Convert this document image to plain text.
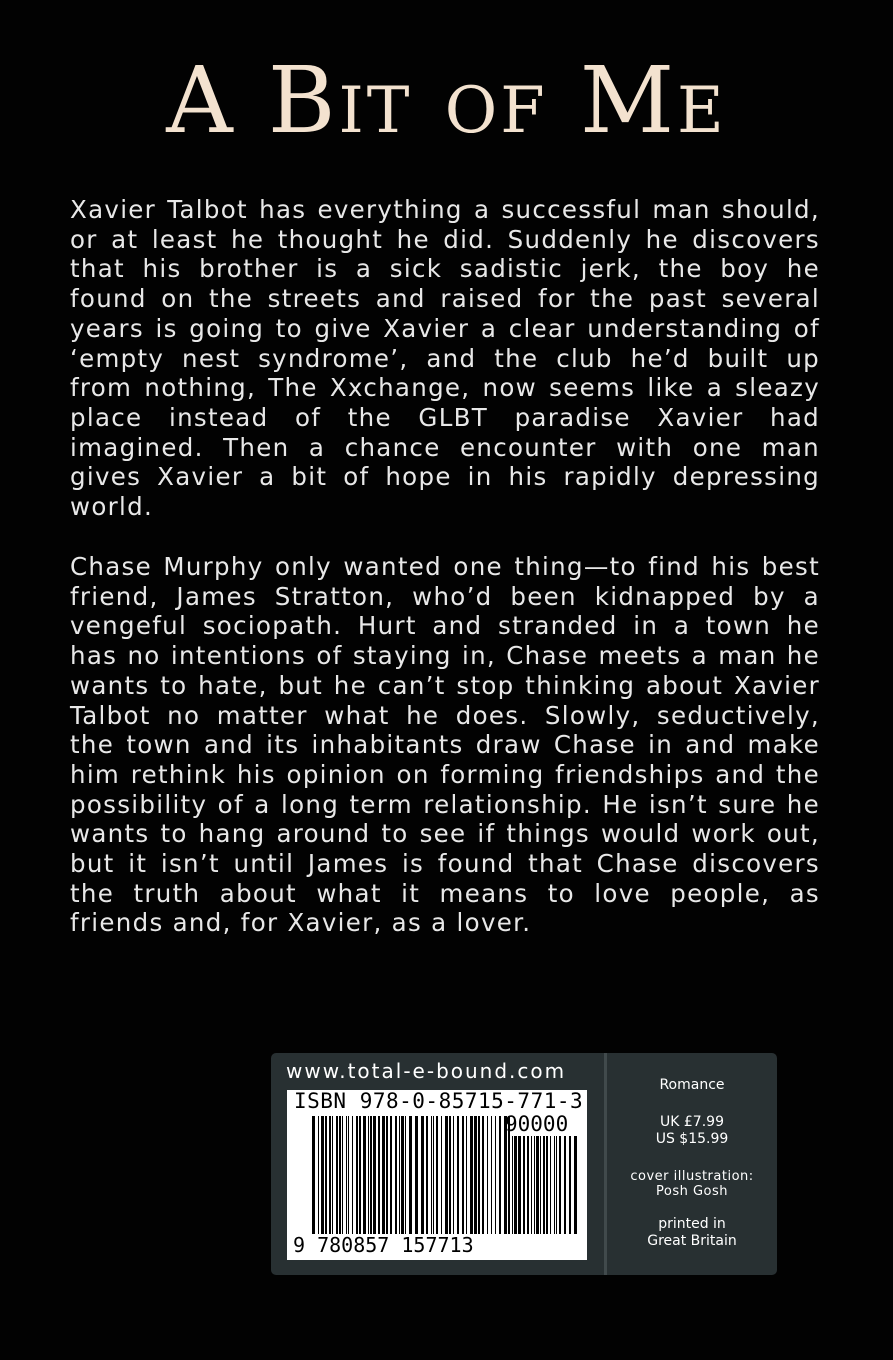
A Bit of Me

Xavier Talbot has everything a successful man should, or at least he thought he did. Suddenly he discovers that his brother is a sick sadistic jerk, the boy he found on the streets and raised for the past several years is going to give Xavier a clear understanding of ‘empty nest syndrome’, and the club he’d built up from nothing, The Xxchange, now seems like a sleazy place instead of the GLBT paradise Xavier had imagined. Then a chance encounter with one man gives Xavier a bit of hope in his rapidly depressing world.

Chase Murphy only wanted one thing—to find his best friend, James Stratton, who’d been kidnapped by a vengeful sociopath. Hurt and stranded in a town he has no intentions of staying in, Chase meets a man he wants to hate, but he can’t stop thinking about Xavier Talbot no matter what he does. Slowly, seductively, the town and its inhabitants draw Chase in and make him rethink his opinion on forming friendships and the possibility of a long term relationship. He isn’t sure he wants to hang around to see if things would work out, but it isn’t until James is found that Chase discovers the truth about what it means to love people, as friends and, for Xavier, as a lover.

www.total-e-bound.com
ISBN 978-0-85715-771-3
90000
9 780857 157713
Romance
UK £7.99
US $15.99
cover illustration:
Posh Gosh
printed in
Great Britain
